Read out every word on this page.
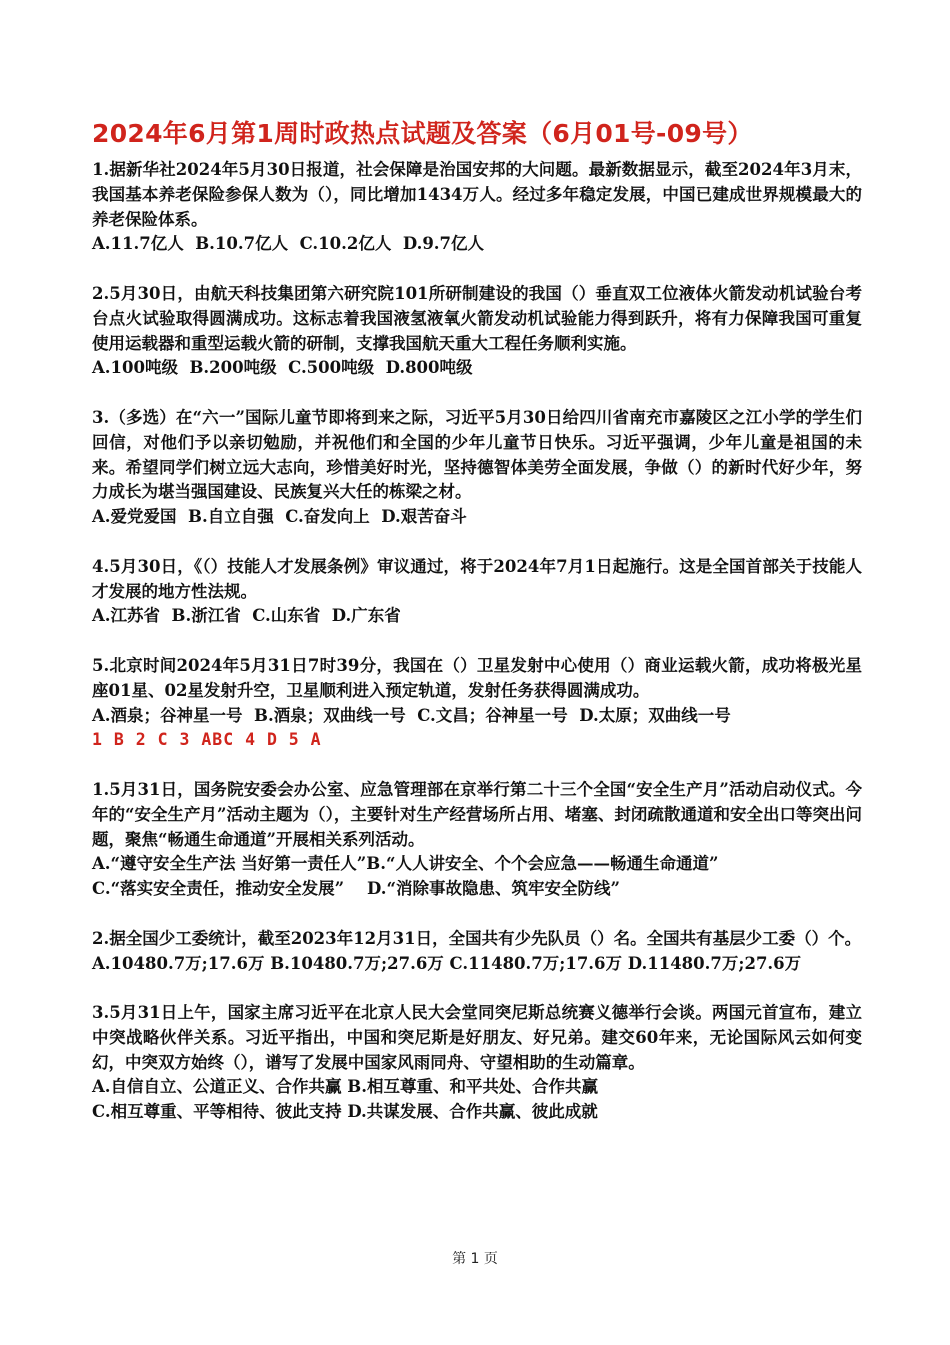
2024年6月第1周时政热点试题及答案（6月01号-09号）

1.据新华社2024年5月30日报道，社会保障是治国安邦的大问题。最新数据显示，截至2024年3月末，我国基本养老保险参保人数为（），同比增加1434万人。经过多年稳定发展，中国已建成世界规模最大的养老保险体系。

A.11.7亿人  B.10.7亿人  C.10.2亿人  D.9.7亿人

2.5月30日，由航天科技集团第六研究院101所研制建设的我国（）垂直双工位液体火箭发动机试验台考台点火试验取得圆满成功。这标志着我国液氢液氧火箭发动机试验能力得到跃升，将有力保障我国可重复使用运载器和重型运载火箭的研制，支撑我国航天重大工程任务顺利实施。

A.100吨级  B.200吨级  C.500吨级  D.800吨级

3.（多选）在“六一”国际儿童节即将到来之际，习近平5月30日给四川省南充市嘉陵区之江小学的学生们回信，对他们予以亲切勉励，并祝他们和全国的少年儿童节日快乐。习近平强调，少年儿童是祖国的未来。希望同学们树立远大志向，珍惜美好时光，坚持德智体美劳全面发展，争做（）的新时代好少年，努力成长为堪当强国建设、民族复兴大任的栋梁之材。

A.爱党爱国  B.自立自强  C.奋发向上  D.艰苦奋斗

4.5月30日，《（）技能人才发展条例》审议通过，将于2024年7月1日起施行。这是全国首部关于技能人才发展的地方性法规。

A.江苏省  B.浙江省  C.山东省  D.广东省

5.北京时间2024年5月31日7时39分，我国在（）卫星发射中心使用（）商业运载火箭，成功将极光星座01星、02星发射升空，卫星顺利进入预定轨道，发射任务获得圆满成功。

A.酒泉；谷神星一号  B.酒泉；双曲线一号  C.文昌；谷神星一号  D.太原；双曲线一号

1 B 2 C 3 ABC 4 D 5 A

1.5月31日，国务院安委会办公室、应急管理部在京举行第二十三个全国“安全生产月”活动启动仪式。今年的“安全生产月”活动主题为（），主要针对生产经营场所占用、堵塞、封闭疏散通道和安全出口等突出问题，聚焦“畅通生命通道”开展相关系列活动。

A.“遵守安全生产法 当好第一责任人”B.“人人讲安全、个个会应急——畅通生命通道”

C.“落实安全责任，推动安全发展”    D.“消除事故隐患、筑牢安全防线”

2.据全国少工委统计，截至2023年12月31日，全国共有少先队员（）名。全国共有基层少工委（）个。

A.10480.7万;17.6万 B.10480.7万;27.6万 C.11480.7万;17.6万 D.11480.7万;27.6万

3.5月31日上午，国家主席习近平在北京人民大会堂同突尼斯总统赛义德举行会谈。两国元首宣布，建立中突战略伙伴关系。习近平指出，中国和突尼斯是好朋友、好兄弟。建交60年来，无论国际风云如何变幻，中突双方始终（），谱写了发展中国家风雨同舟、守望相助的生动篇章。

A.自信自立、公道正义、合作共赢 B.相互尊重、和平共处、合作共赢

C.相互尊重、平等相待、彼此支持 D.共谋发展、合作共赢、彼此成就

第 1 页
